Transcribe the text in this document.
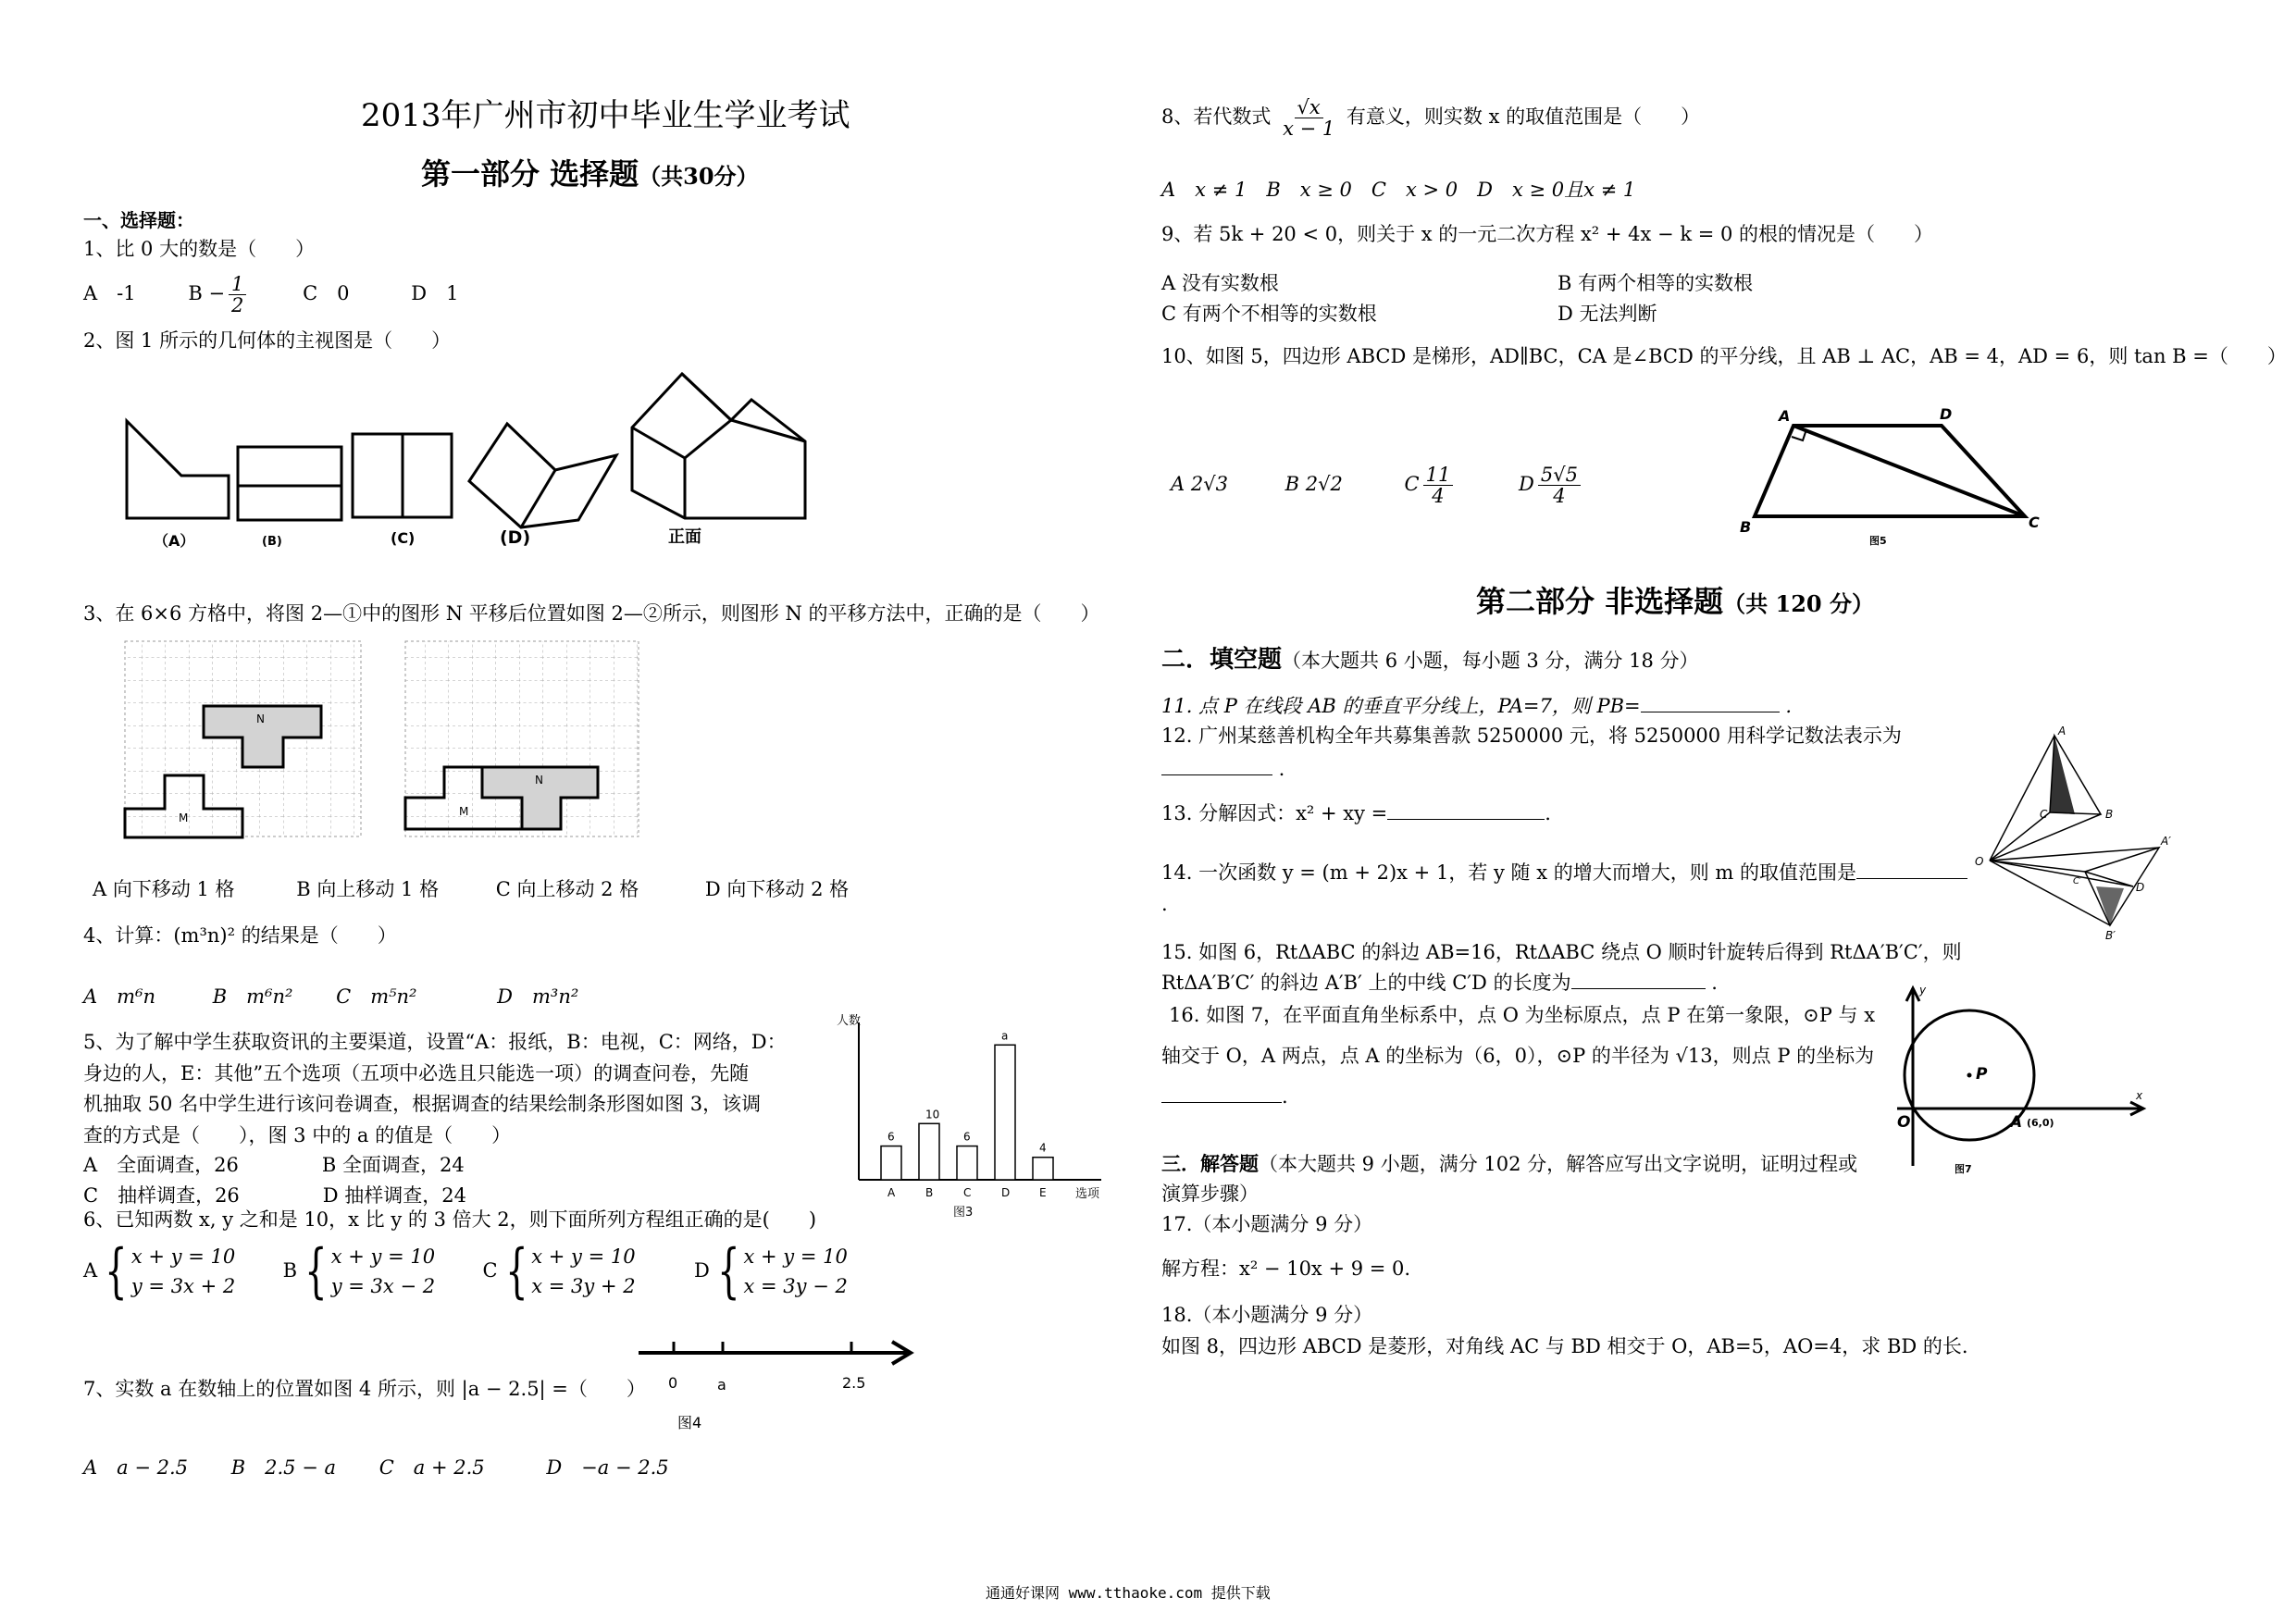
2013年广州市初中毕业生学业考试
第一部分 选择题（共30分）
一、选择题：
1、比 0 大的数是（　　）
A　-1	$B - \frac{1}{2}$	C　0	D　1
2、图 1 所示的几何体的主视图是（　　）
（A）	(B)	(C)	(D)	正面
3、在 6×6 方格中，将图 2—①中的图形 N 平移后位置如图 2—②所示，则图形 N 的平移方法中，正确的是（　　）
N
M
N
M
A 向下移动 1 格	B 向上移动 1 格	C 向上移动 2 格	D 向下移动 2 格
4、计算：(m³n)² 的结果是（　　）
A　m⁶n	B　m⁶n² C　m⁵n²	D　m³n²
5、为了解中学生获取资讯的主要渠道，设置“A：报纸，B：电视，C：网络，D：
身边的人，E：其他”五个选项（五项中必选且只能选一项）的调查问卷，先随
机抽取 50 名中学生进行该问卷调查，根据调查的结果绘制条形图如图 3，该调
查的方式是（　　），图 3 中的 a 的值是（　　）
A　全面调查，26	B 全面调查，24
C　抽样调查，26	D 抽样调查，24
人数
选项
图3
6
A
10
B
6
C
a
D
4
E
6、已知两数 x, y 之和是 10，x 比 y 的 3 倍大 2，则下面所列方程组正确的是(　　)
A { x + y = 10
y = 3x + 2
B { x + y = 10
y = 3x − 2
C { x + y = 10
x = 3y + 2
D { x + y = 10
x = 3y − 2
7、实数 a 在数轴上的位置如图 4 所示，则 |a − 2.5| =（　　） 0	a	2.5
图4
A　a − 2.5 B　2.5 − a C　a + 2.5	D　−a − 2.5
8、若代数式 $\frac{√x}{x - 1}$ 有意义，则实数 x 的取值范围是（　　）
A　x ≠ 1　B　x ≥ 0　C　x > 0　D　x ≥ 0且x ≠ 1
9、若 5k + 20 < 0，则关于 x 的一元二次方程 x² + 4x − k = 0 的根的情况是（　　）
A 没有实数根	B 有两个相等的实数根
C 有两个不相等的实数根	D 无法判断
10、如图 5，四边形 ABCD 是梯形，AD∥BC，CA 是∠BCD 的平分线，且 AB ⊥ AC，AB = 4，AD = 6，则 tan B =（　　）
A 2√3	B 2√2	C $\frac{11}{4}$	D $\frac{5√5}{4}$
A	D
B	C
图5
第二部分 非选择题（共 120 分）
二．填空题（本大题共 6 小题，每小题 3 分，满分 18 分）
11. 点 P 在线段 AB 的垂直平分线上，PA=7，则 PB=	.
12. 广州某慈善机构全年共募集善款 5250000 元，将 5250000 用科学记数法表示为
.
13. 分解因式：x² + xy =	.
14. 一次函数 y = (m + 2)x + 1，若 y 随 x 的增大而增大，则 m 的取值范围是
.
15. 如图 6，RtΔABC 的斜边 AB=16，RtΔABC 绕点 O 顺时针旋转后得到 RtΔA′B′C′，则
RtΔA′B′C′ 的斜边 A′B′ 上的中线 C′D 的长度为	.
A
C	B
O
A′
D
B′
C′
16. 如图 7，在平面直角坐标系中，点 O 为坐标原点，点 P 在第一象限，⊙P 与 x
轴交于 O，A 两点，点 A 的坐标为（6，0），⊙P 的半径为 √13，则点 P 的坐标为
.
y
x
O	A (6,0)
P
图7
三．解答题（本大题共 9 小题，满分 102 分，解答应写出文字说明，证明过程或
演算步骤）
17.（本小题满分 9 分）
解方程：x² − 10x + 9 = 0.
18.（本小题满分 9 分）
如图 8，四边形 ABCD 是菱形，对角线 AC 与 BD 相交于 O，AB=5，AO=4，求 BD 的长.
通通好课网 www.tthaoke.com 提供下载
